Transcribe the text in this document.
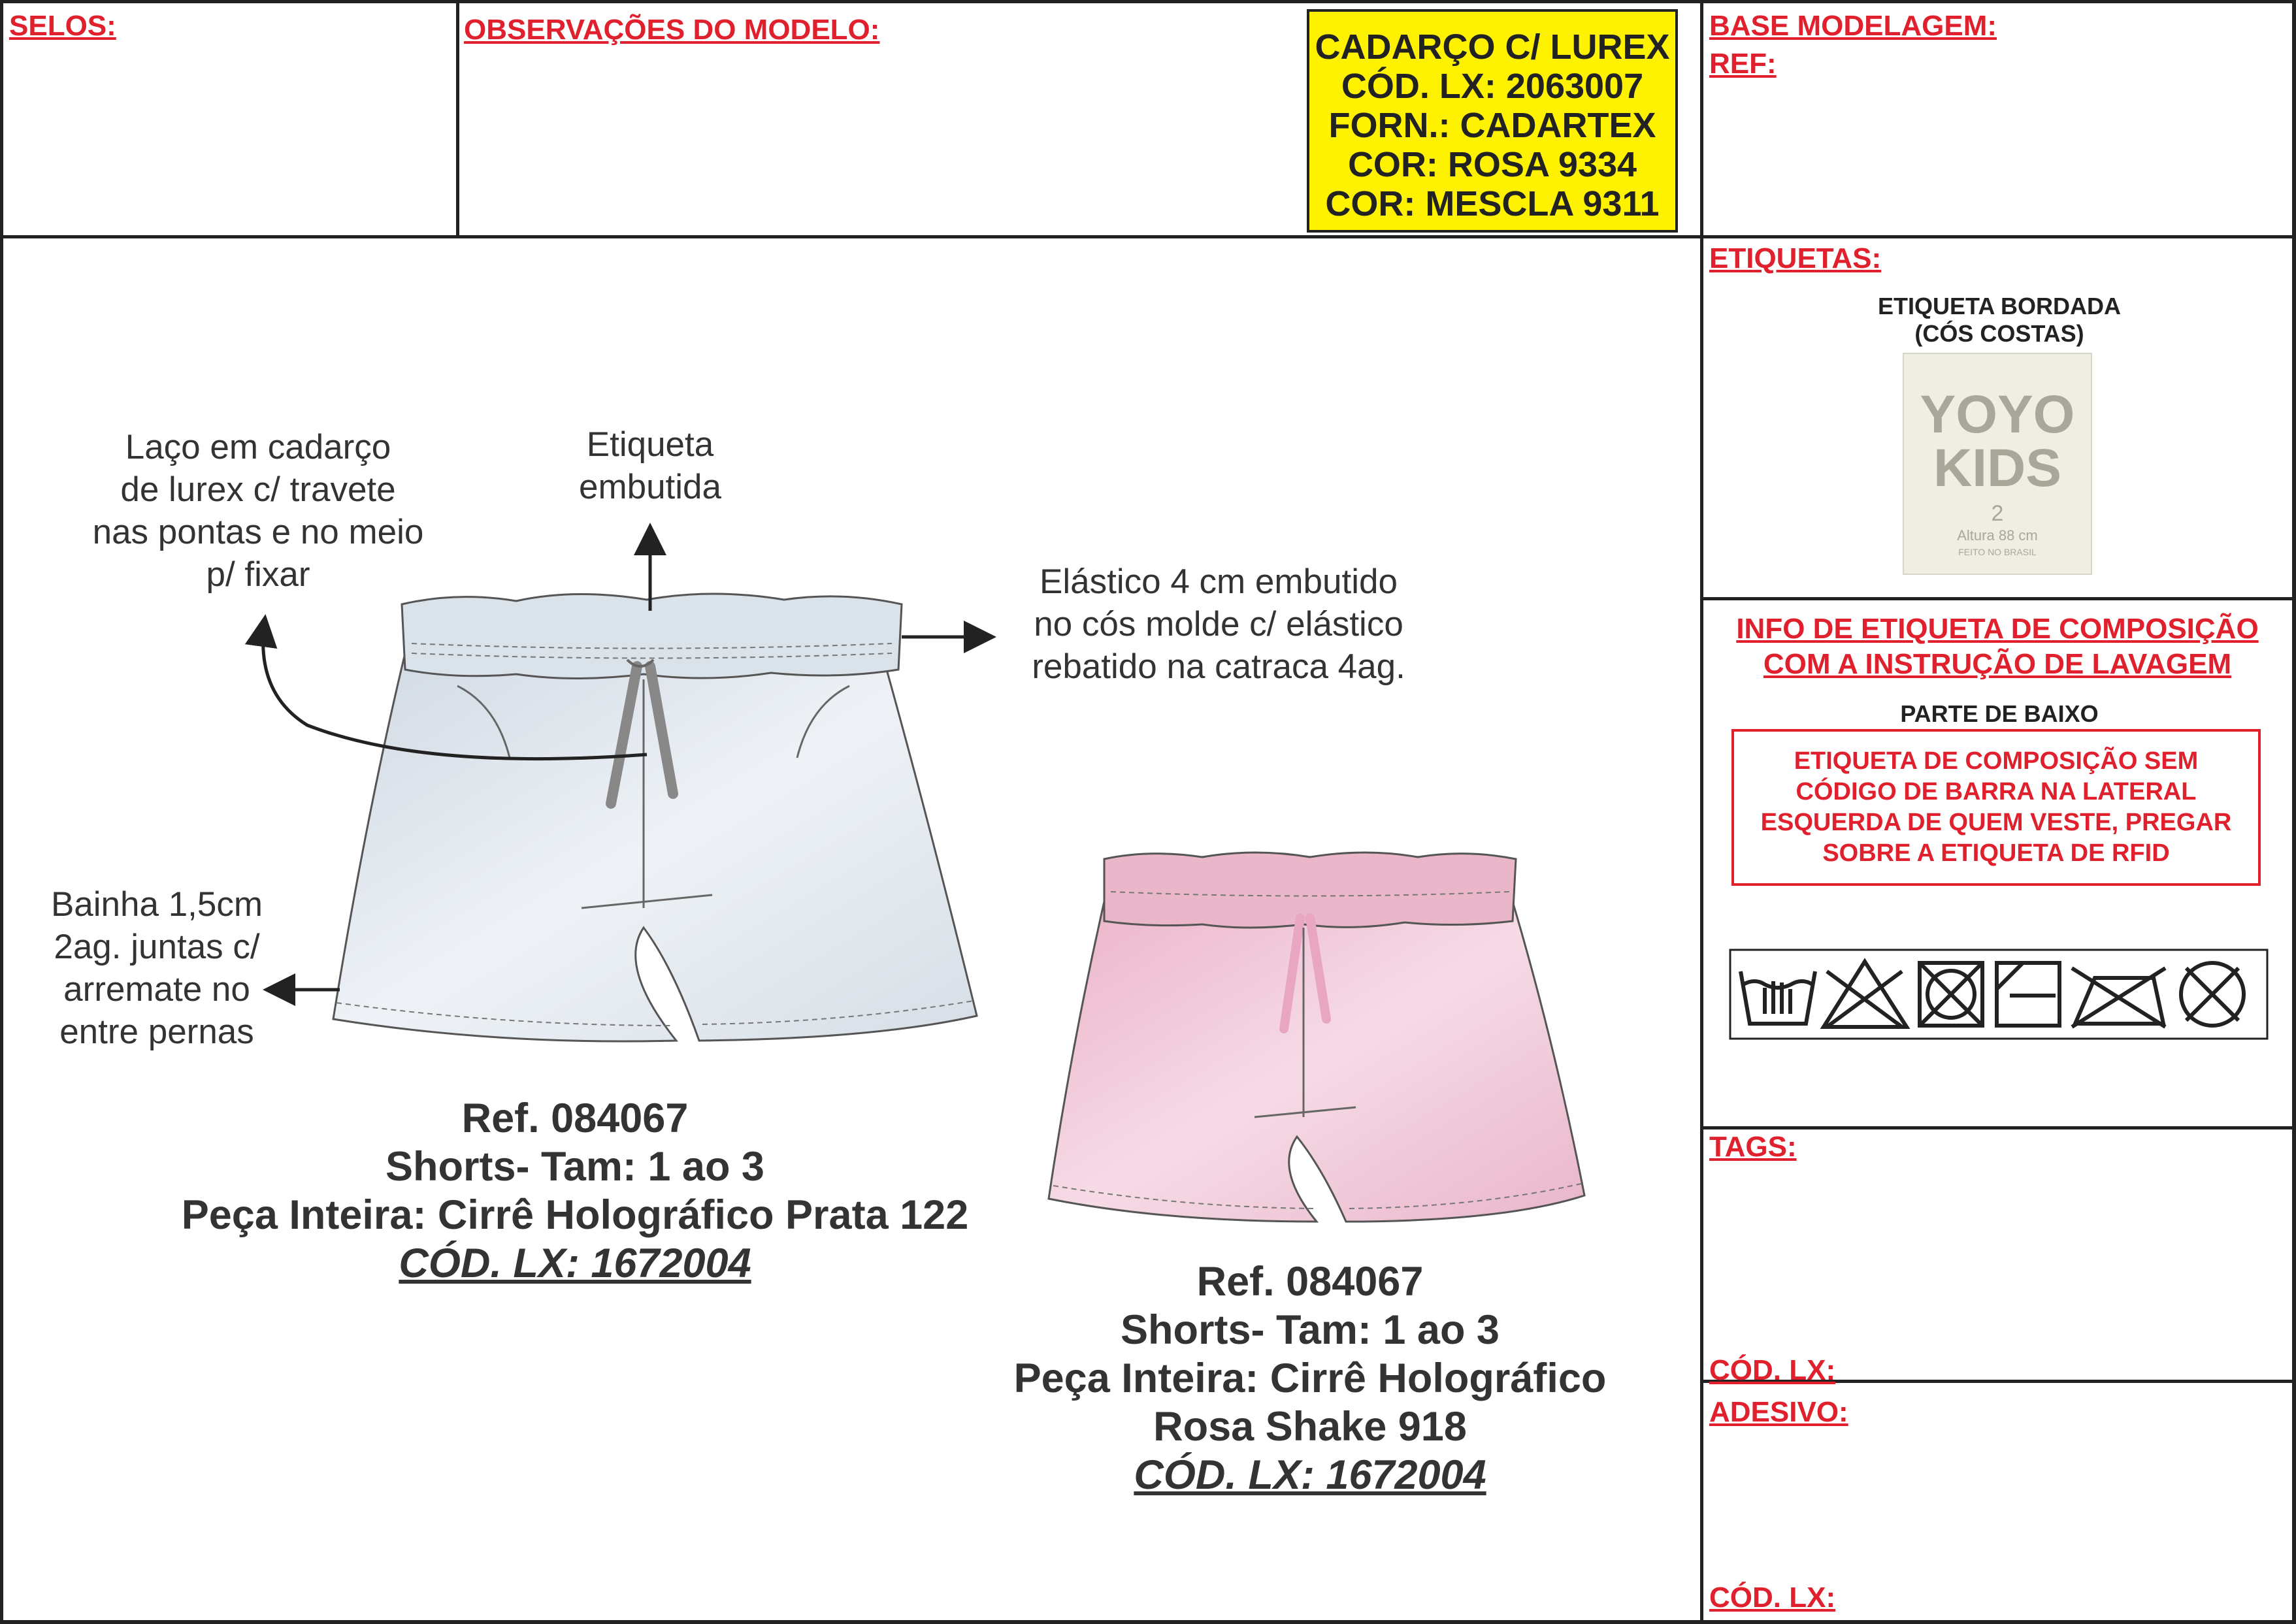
SELOS:	OBSERVAÇÕES DO MODELO:	CADARÇO C/ LUREX
CÓD. LX: 2063007
FORN.: CADARTEX
COR: ROSA 9334
COR: MESCLA 9311
BASE MODELAGEM:
REF:
Laço em cadarço
de lurex c/ travete
nas pontas e no meio
p/ fixar
Etiqueta
embutida
Elástico 4 cm embutido
no cós molde c/ elástico
rebatido na catraca 4ag.
Bainha 1,5cm
2ag. juntas c/
arremate no
entre pernas
Ref. 084067
Shorts- Tam: 1 ao 3
Peça Inteira: Cirrê Holográfico Prata 122
CÓD. LX: 1672004	Ref. 084067
Shorts- Tam: 1 ao 3
Peça Inteira: Cirrê Holográfico
Rosa Shake 918
CÓD. LX: 1672004
ETIQUETAS:
ETIQUETA BORDADA
(CÓS COSTAS)
YOYO
KIDS
2
Altura 88 cm
FEITO NO BRASIL
INFO DE ETIQUETA DE COMPOSIÇÃO
COM A INSTRUÇÃO DE LAVAGEM
PARTE DE BAIXO
ETIQUETA DE COMPOSIÇÃO SEM
CÓDIGO DE BARRA NA LATERAL
ESQUERDA DE QUEM VESTE, PREGAR
SOBRE A ETIQUETA DE RFID
TAGS:
CÓD. LX:
ADESIVO:
CÓD. LX:
